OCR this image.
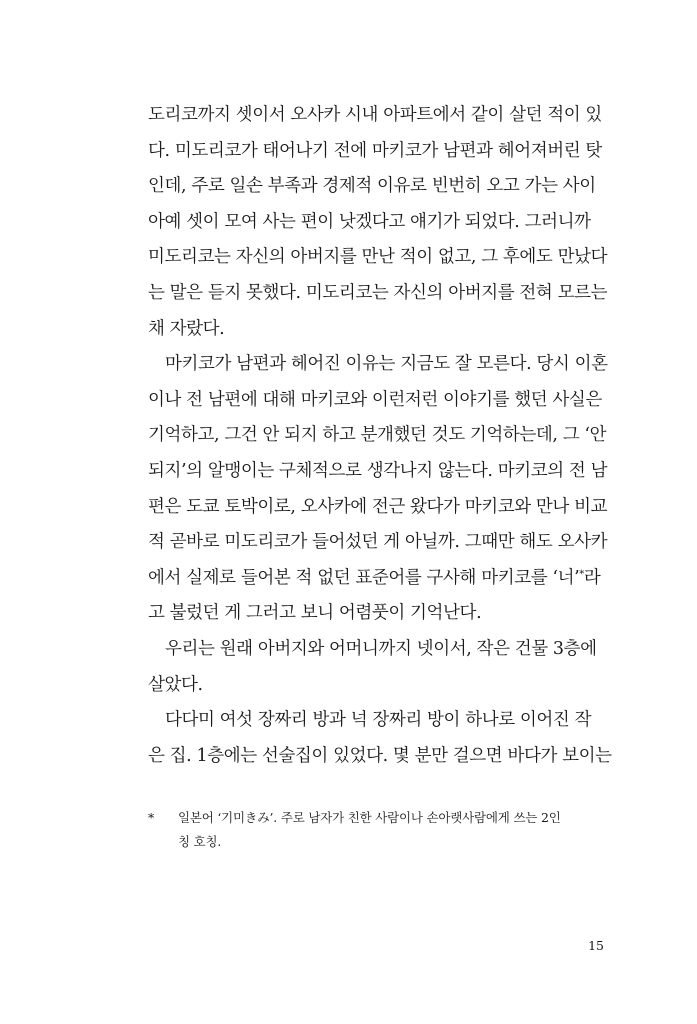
도리코까지 셋이서 오사카 시내 아파트에서 같이 살던 적이 있
다. 미도리코가 태어나기 전에 마키코가 남편과 헤어져버린 탓
인데, 주로 일손 부족과 경제적 이유로 빈번히 오고 가는 사이
아예 셋이 모여 사는 편이 낫겠다고 얘기가 되었다. 그러니까
미도리코는 자신의 아버지를 만난 적이 없고, 그 후에도 만났다
는 말은 듣지 못했다. 미도리코는 자신의 아버지를 전혀 모르는
채 자랐다.
마키코가 남편과 헤어진 이유는 지금도 잘 모른다. 당시 이혼
이나 전 남편에 대해 마키코와 이런저런 이야기를 했던 사실은
기억하고, 그건 안 되지 하고 분개했던 것도 기억하는데, 그 ‘안
되지’의 알맹이는 구체적으로 생각나지 않는다. 마키코의 전 남
편은 도쿄 토박이로, 오사카에 전근 왔다가 마키코와 만나 비교
적 곧바로 미도리코가 들어섰던 게 아닐까. 그때만 해도 오사카
에서 실제로 들어본 적 없던 표준어를 구사해 마키코를 ‘너’*라
고 불렀던 게 그러고 보니 어렴풋이 기억난다.
우리는 원래 아버지와 어머니까지 넷이서, 작은 건물 3층에
살았다.
다다미 여섯 장짜리 방과 넉 장짜리 방이 하나로 이어진 작
은 집. 1층에는 선술집이 있었다. 몇 분만 걸으면 바다가 보이는
*	일본어 ‘기미きみ’. 주로 남자가 친한 사람이나 손아랫사람에게 쓰는 2인
칭 호칭.
15
